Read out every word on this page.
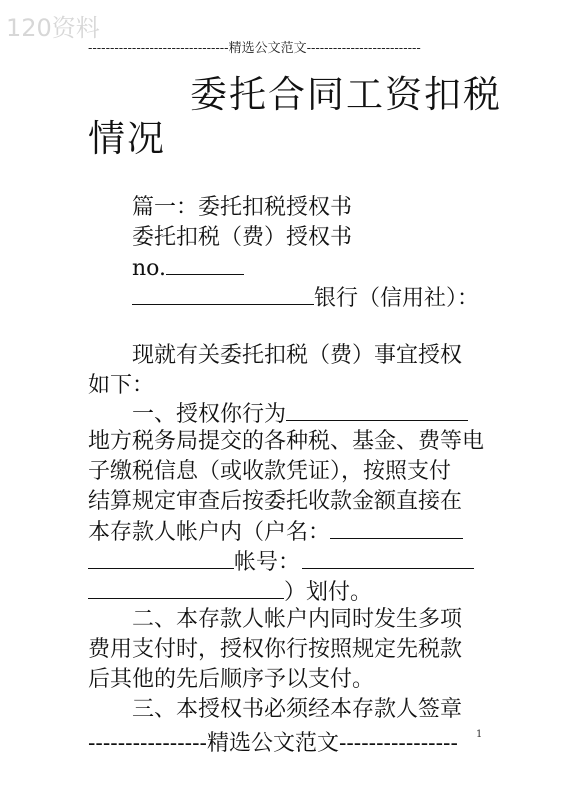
120资料
--------------------------------精选公文范文--------------------------
委托合同工资扣税
情况
篇一：委托扣税授权书
委托扣税（费）授权书
no.
银行（信用社）：
现就有关委托扣税（费）事宜授权
如下：
一、授权你行为
地方税务局提交的各种税、基金、费等电
子缴税信息（或收款凭证），按照支付
结算规定审查后按委托收款金额直接在
本存款人帐户内（户名：
帐号：
）划付。
二、本存款人帐户内同时发生多项
费用支付时，授权你行按照规定先税款
后其他的先后顺序予以支付。
三、本授权书必须经本存款人签章
----------------精选公文范文----------------	1
